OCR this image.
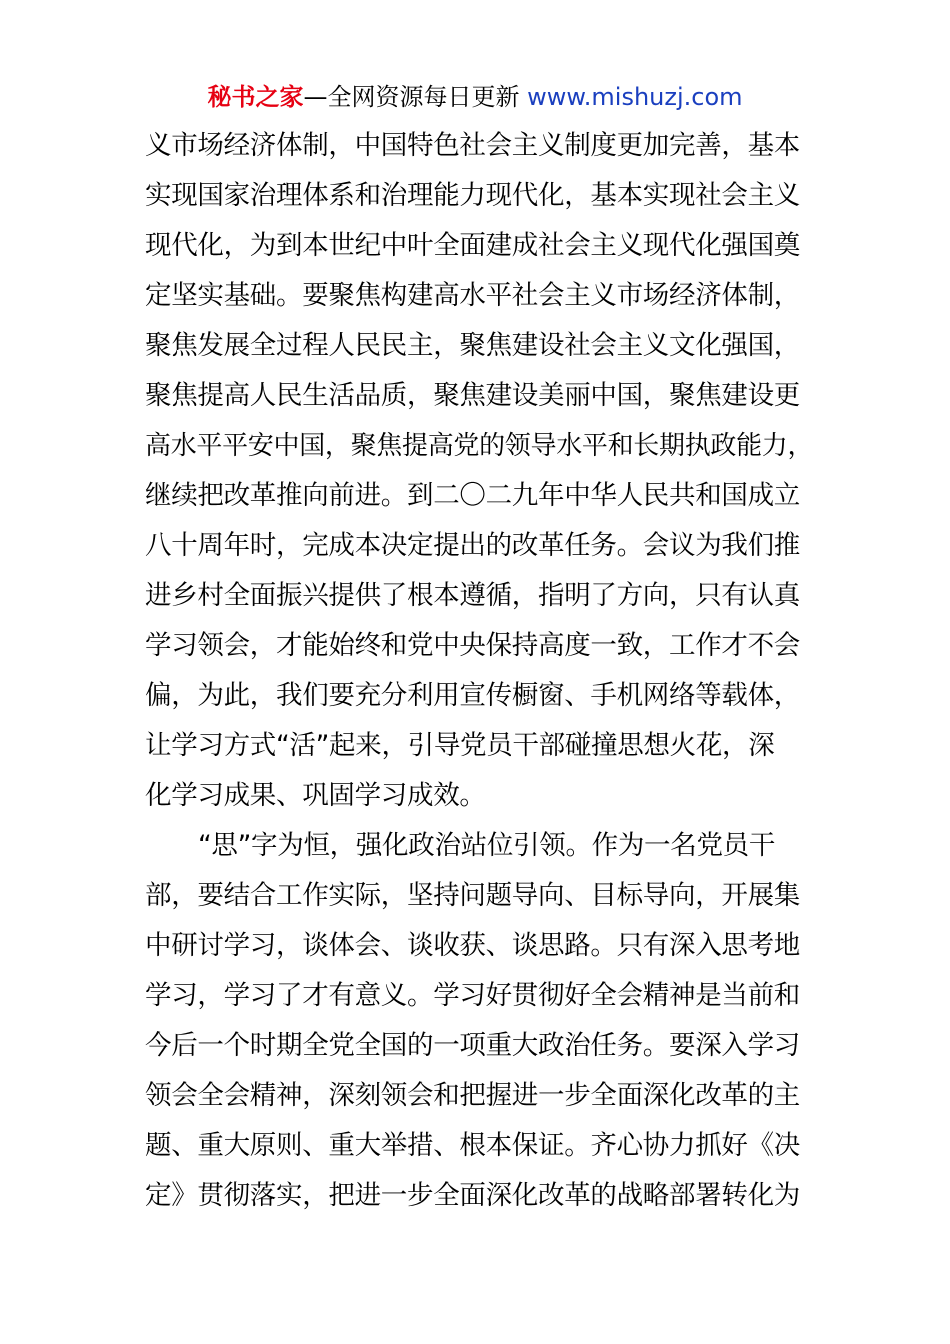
秘书之家—全网资源每日更新 www.mishuzj.com
义市场经济体制，中国特色社会主义制度更加完善，基本
实现国家治理体系和治理能力现代化，基本实现社会主义
现代化，为到本世纪中叶全面建成社会主义现代化强国奠
定坚实基础。要聚焦构建高水平社会主义市场经济体制，
聚焦发展全过程人民民主，聚焦建设社会主义文化强国，
聚焦提高人民生活品质，聚焦建设美丽中国，聚焦建设更
高水平平安中国，聚焦提高党的领导水平和长期执政能力，
继续把改革推向前进。到二〇二九年中华人民共和国成立
八十周年时，完成本决定提出的改革任务。会议为我们推
进乡村全面振兴提供了根本遵循，指明了方向，只有认真
学习领会，才能始终和党中央保持高度一致，工作才不会
偏，为此，我们要充分利用宣传橱窗、手机网络等载体，
让学习方式“活”起来，引导党员干部碰撞思想火花，深
化学习成果、巩固学习成效。
“思”字为恒，强化政治站位引领。作为一名党员干
部，要结合工作实际，坚持问题导向、目标导向，开展集
中研讨学习，谈体会、谈收获、谈思路。只有深入思考地
学习，学习了才有意义。学习好贯彻好全会精神是当前和
今后一个时期全党全国的一项重大政治任务。要深入学习
领会全会精神，深刻领会和把握进一步全面深化改革的主
题、重大原则、重大举措、根本保证。齐心协力抓好《决
定》贯彻落实，把进一步全面深化改革的战略部署转化为
